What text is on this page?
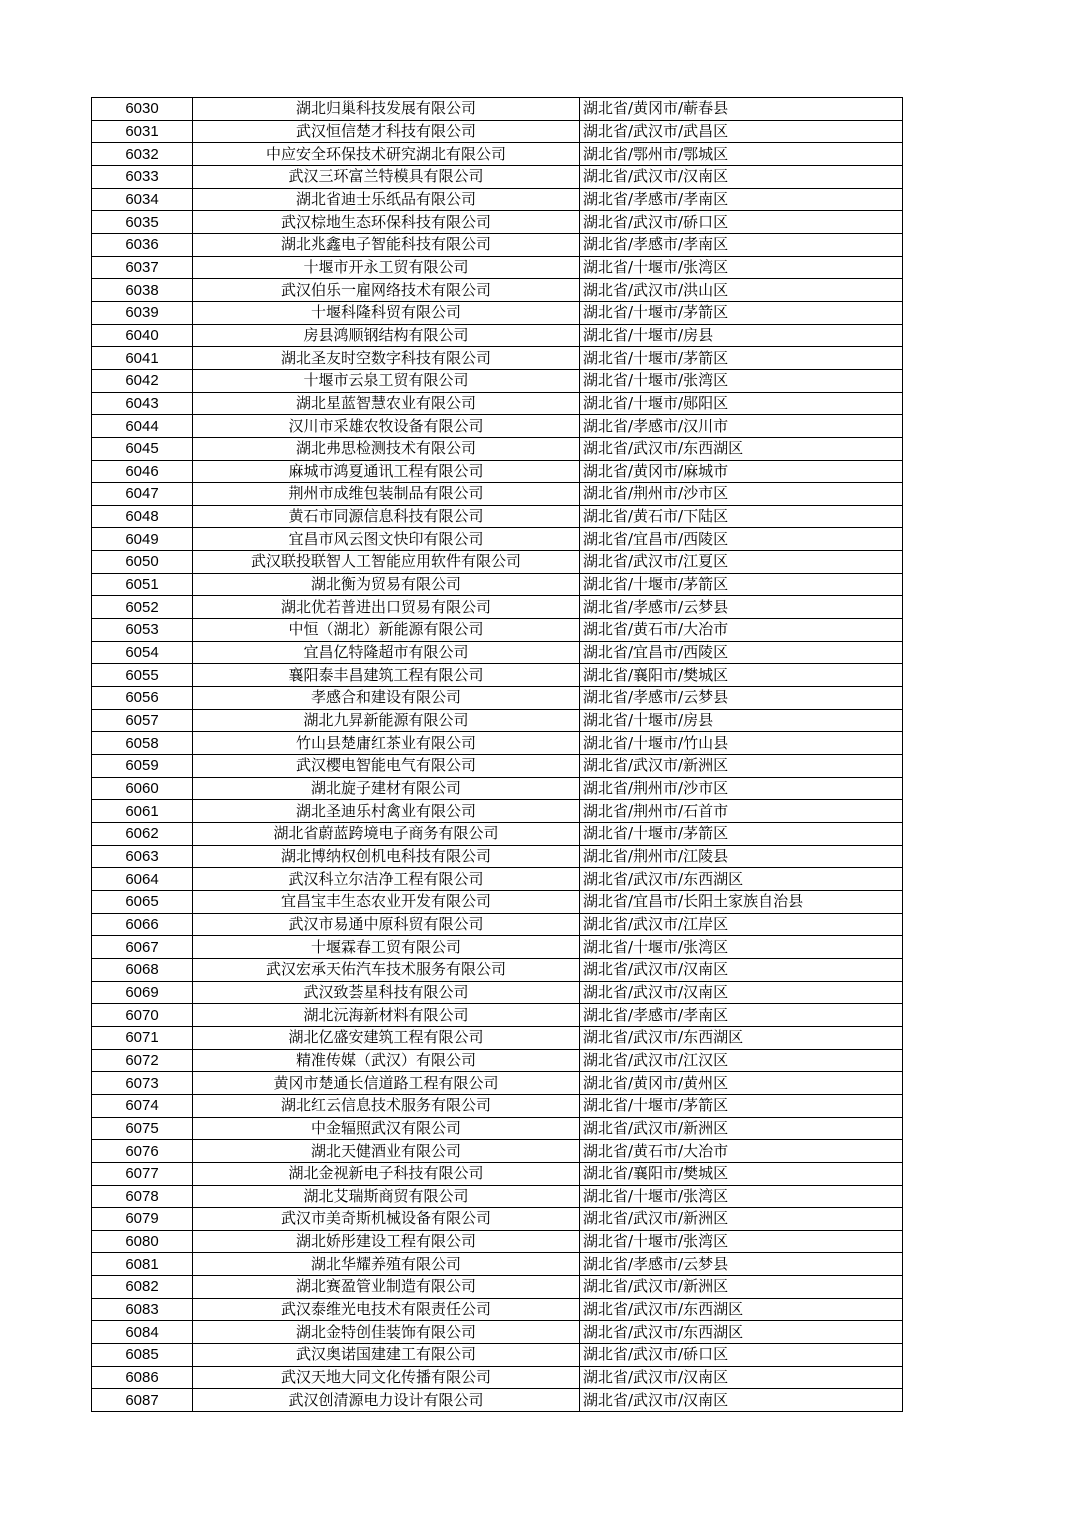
6030	湖北归巢科技发展有限公司	湖北省/黄冈市/蕲春县
6031	武汉恒信楚才科技有限公司	湖北省/武汉市/武昌区
6032	中应安全环保技术研究湖北有限公司	湖北省/鄂州市/鄂城区
6033	武汉三环富兰特模具有限公司	湖北省/武汉市/汉南区
6034	湖北省迪士乐纸品有限公司	湖北省/孝感市/孝南区
6035	武汉棕地生态环保科技有限公司	湖北省/武汉市/硚口区
6036	湖北兆鑫电子智能科技有限公司	湖北省/孝感市/孝南区
6037	十堰市开永工贸有限公司	湖北省/十堰市/张湾区
6038	武汉伯乐一雇网络技术有限公司	湖北省/武汉市/洪山区
6039	十堰科隆科贸有限公司	湖北省/十堰市/茅箭区
6040	房县鸿顺钢结构有限公司	湖北省/十堰市/房县
6041	湖北圣友时空数字科技有限公司	湖北省/十堰市/茅箭区
6042	十堰市云泉工贸有限公司	湖北省/十堰市/张湾区
6043	湖北星蓝智慧农业有限公司	湖北省/十堰市/郧阳区
6044	汉川市采雄农牧设备有限公司	湖北省/孝感市/汉川市
6045	湖北弗思检测技术有限公司	湖北省/武汉市/东西湖区
6046	麻城市鸿夏通讯工程有限公司	湖北省/黄冈市/麻城市
6047	荆州市成维包装制品有限公司	湖北省/荆州市/沙市区
6048	黄石市同源信息科技有限公司	湖北省/黄石市/下陆区
6049	宜昌市风云图文快印有限公司	湖北省/宜昌市/西陵区
6050	武汉联投联智人工智能应用软件有限公司	湖北省/武汉市/江夏区
6051	湖北衡为贸易有限公司	湖北省/十堰市/茅箭区
6052	湖北优若普进出口贸易有限公司	湖北省/孝感市/云梦县
6053	中恒（湖北）新能源有限公司	湖北省/黄石市/大冶市
6054	宜昌亿特隆超市有限公司	湖北省/宜昌市/西陵区
6055	襄阳泰丰昌建筑工程有限公司	湖北省/襄阳市/樊城区
6056	孝感合和建设有限公司	湖北省/孝感市/云梦县
6057	湖北九昇新能源有限公司	湖北省/十堰市/房县
6058	竹山县楚庸红茶业有限公司	湖北省/十堰市/竹山县
6059	武汉樱电智能电气有限公司	湖北省/武汉市/新洲区
6060	湖北旋子建材有限公司	湖北省/荆州市/沙市区
6061	湖北圣迪乐村禽业有限公司	湖北省/荆州市/石首市
6062	湖北省蔚蓝跨境电子商务有限公司	湖北省/十堰市/茅箭区
6063	湖北博纳权创机电科技有限公司	湖北省/荆州市/江陵县
6064	武汉科立尔洁净工程有限公司	湖北省/武汉市/东西湖区
6065	宜昌宝丰生态农业开发有限公司	湖北省/宜昌市/长阳土家族自治县
6066	武汉市易通中原科贸有限公司	湖北省/武汉市/江岸区
6067	十堰霖春工贸有限公司	湖北省/十堰市/张湾区
6068	武汉宏承天佑汽车技术服务有限公司	湖北省/武汉市/汉南区
6069	武汉致荟星科技有限公司	湖北省/武汉市/汉南区
6070	湖北沅海新材料有限公司	湖北省/孝感市/孝南区
6071	湖北亿盛安建筑工程有限公司	湖北省/武汉市/东西湖区
6072	精准传媒（武汉）有限公司	湖北省/武汉市/江汉区
6073	黄冈市楚通长信道路工程有限公司	湖北省/黄冈市/黄州区
6074	湖北红云信息技术服务有限公司	湖北省/十堰市/茅箭区
6075	中金辐照武汉有限公司	湖北省/武汉市/新洲区
6076	湖北天健酒业有限公司	湖北省/黄石市/大冶市
6077	湖北金视新电子科技有限公司	湖北省/襄阳市/樊城区
6078	湖北艾瑞斯商贸有限公司	湖北省/十堰市/张湾区
6079	武汉市美奇斯机械设备有限公司	湖北省/武汉市/新洲区
6080	湖北娇彤建设工程有限公司	湖北省/十堰市/张湾区
6081	湖北华耀养殖有限公司	湖北省/孝感市/云梦县
6082	湖北赛盈管业制造有限公司	湖北省/武汉市/新洲区
6083	武汉泰维光电技术有限责任公司	湖北省/武汉市/东西湖区
6084	湖北金特创佳装饰有限公司	湖北省/武汉市/东西湖区
6085	武汉奥诺国建建工有限公司	湖北省/武汉市/硚口区
6086	武汉天地大同文化传播有限公司	湖北省/武汉市/汉南区
6087	武汉创清源电力设计有限公司	湖北省/武汉市/汉南区
